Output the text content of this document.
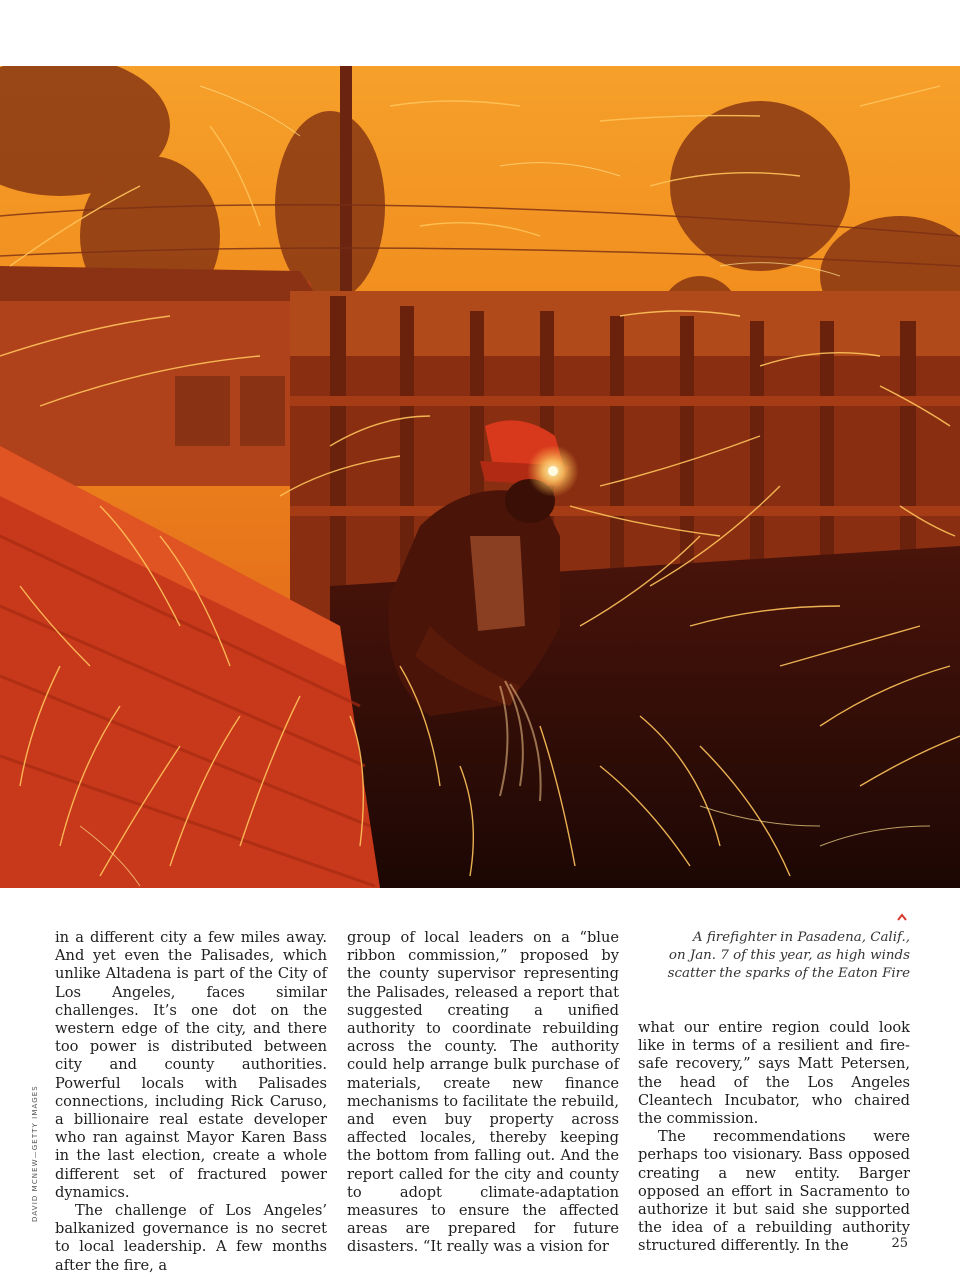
in a different city a few miles away. And yet even the Palisades, which unlike Altadena is part of the City of Los Angeles, faces similar challenges. It’s one dot on the western edge of the city, and there too power is distributed between city and county authorities. Powerful locals with Palisades connections, including Rick Caruso, a billionaire real estate developer who ran against Mayor Karen Bass in the last election, create a whole different set of fractured power dynamics.

The challenge of Los Angeles’ balkanized governance is no secret to local leadership. A few months after the fire, a

group of local leaders on a “blue ribbon commission,” proposed by the county supervisor representing the Palisades, released a report that suggested creating a unified authority to coordinate rebuilding across the county. The authority could help arrange bulk purchase of materials, create new finance mechanisms to facilitate the rebuild, and even buy property across affected locales, thereby keeping the bottom from falling out. And the report called for the city and county to adopt climate-adaptation measures to ensure the affected areas are prepared for future disasters. “It really was a vision for

A firefighter in Pasadena, Calif.,
on Jan. 7 of this year, as high winds
scatter the sparks of the Eaton Fire

what our entire region could look like in terms of a resilient and fire-safe recovery,” says Matt Petersen, the head of the Los Angeles Cleantech Incubator, who chaired the commission.

The recommendations were perhaps too visionary. Bass opposed creating a new entity. Barger opposed an effort in Sacramento to authorize it but said she supported the idea of a rebuilding authority structured differently. In the

DAVID MCNEW—GETTY IMAGES
25
